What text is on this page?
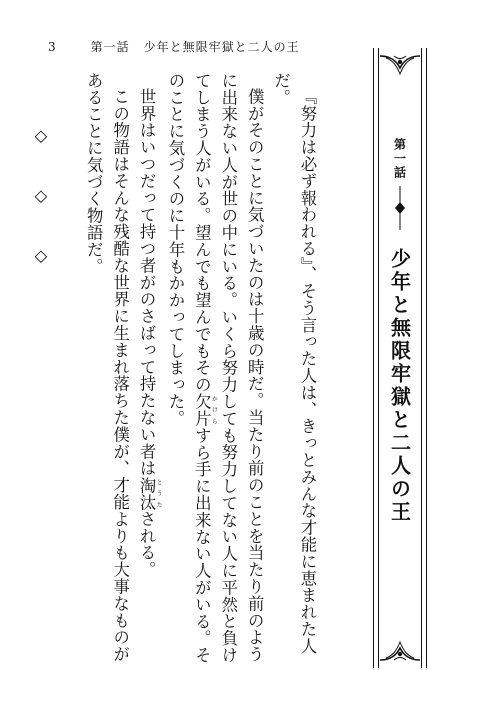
3	第一話 少年と無限牢獄と二人の王

『努力は必ず報われる』、そう言った人は、きっとみんな才能に恵まれた人だ。

僕がそのことに気づいたのは十歳の時だ。当たり前のことを当たり前のように出来ない人が世の中にいる。いくら努力しても努力してない人に平然と負けてしまう人がいる。望んでも望んでもその欠片 かけらすら手に出来ない人がいる。そのことに気づくのに十年もかかってしまった。

世界はいつだって持つ者がのさばって持たない者は淘汰 とうたされる。

この物語はそんな残酷な世界に生まれ落ちた僕が、才能よりも大事なものがあることに気づく物語だ。

◇◇◇

　	第一話
少年と無限牢獄と二人の王
